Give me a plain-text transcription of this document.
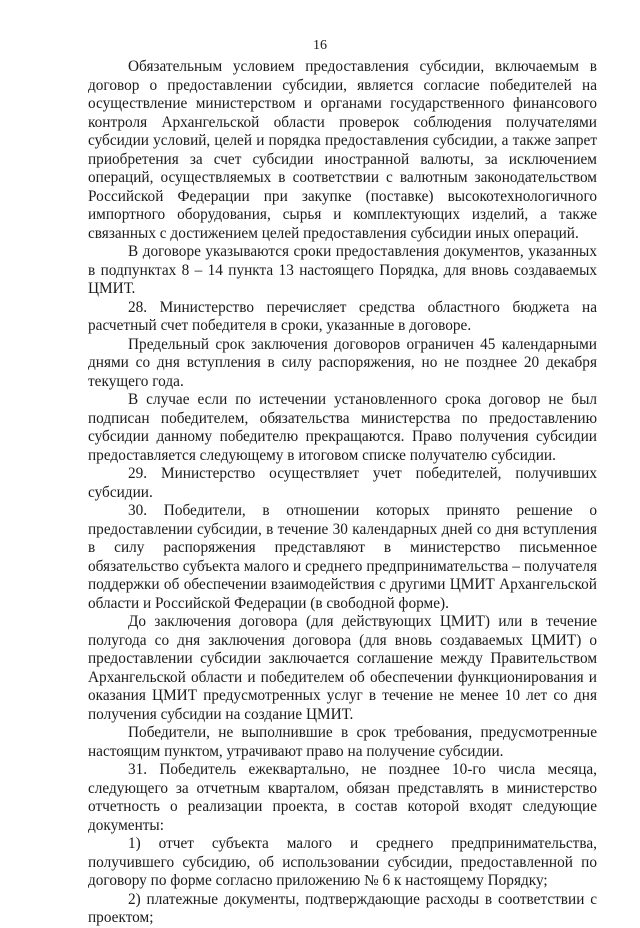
16

Обязательным условием предоставления субсидии, включаемым в договор о предоставлении субсидии, является согласие победителей на осуществление министерством и органами государственного финансового контроля Архангельской области проверок соблюдения получателями субсидии условий, целей и порядка предоставления субсидии, а также запрет приобретения за счет субсидии иностранной валюты, за исключением операций, осуществляемых в соответствии с валютным законодательством Российской Федерации при закупке (поставке) высокотехнологичного импортного оборудования, сырья и комплектующих изделий, а также связанных с достижением целей предоставления субсидии иных операций.

В договоре указываются сроки предоставления документов, указанных в подпунктах 8 – 14 пункта 13 настоящего Порядка, для вновь создаваемых ЦМИТ.

28. Министерство перечисляет средства областного бюджета на расчетный счет победителя в сроки, указанные в договоре.

Предельный срок заключения договоров ограничен 45 календарными днями со дня вступления в силу распоряжения, но не позднее 20 декабря текущего года.

В случае если по истечении установленного срока договор не был подписан победителем, обязательства министерства по предоставлению субсидии данному победителю прекращаются. Право получения субсидии предоставляется следующему в итоговом списке получателю субсидии.

29. Министерство осуществляет учет победителей, получивших субсидии.

30. Победители, в отношении которых принято решение о предоставлении субсидии, в течение 30 календарных дней со дня вступления в силу распоряжения представляют в министерство письменное обязательство субъекта малого и среднего предпринимательства – получателя поддержки об обеспечении взаимодействия с другими ЦМИТ Архангельской области и Российской Федерации (в свободной форме).

До заключения договора (для действующих ЦМИТ) или в течение полугода со дня заключения договора (для вновь создаваемых ЦМИТ) о предоставлении субсидии заключается соглашение между Правительством Архангельской области и победителем об обеспечении функционирования и оказания ЦМИТ предусмотренных услуг в течение не менее 10 лет со дня получения субсидии на создание ЦМИТ.

Победители, не выполнившие в срок требования, предусмотренные настоящим пунктом, утрачивают право на получение субсидии.

31. Победитель ежеквартально, не позднее 10-го числа месяца, следующего за отчетным кварталом, обязан представлять в министерство отчетность о реализации проекта, в состав которой входят следующие документы:

1) отчет субъекта малого и среднего предпринимательства, получившего субсидию, об использовании субсидии, предоставленной по договору по форме согласно приложению № 6 к настоящему Порядку;

2) платежные документы, подтверждающие расходы в соответствии с проектом;
